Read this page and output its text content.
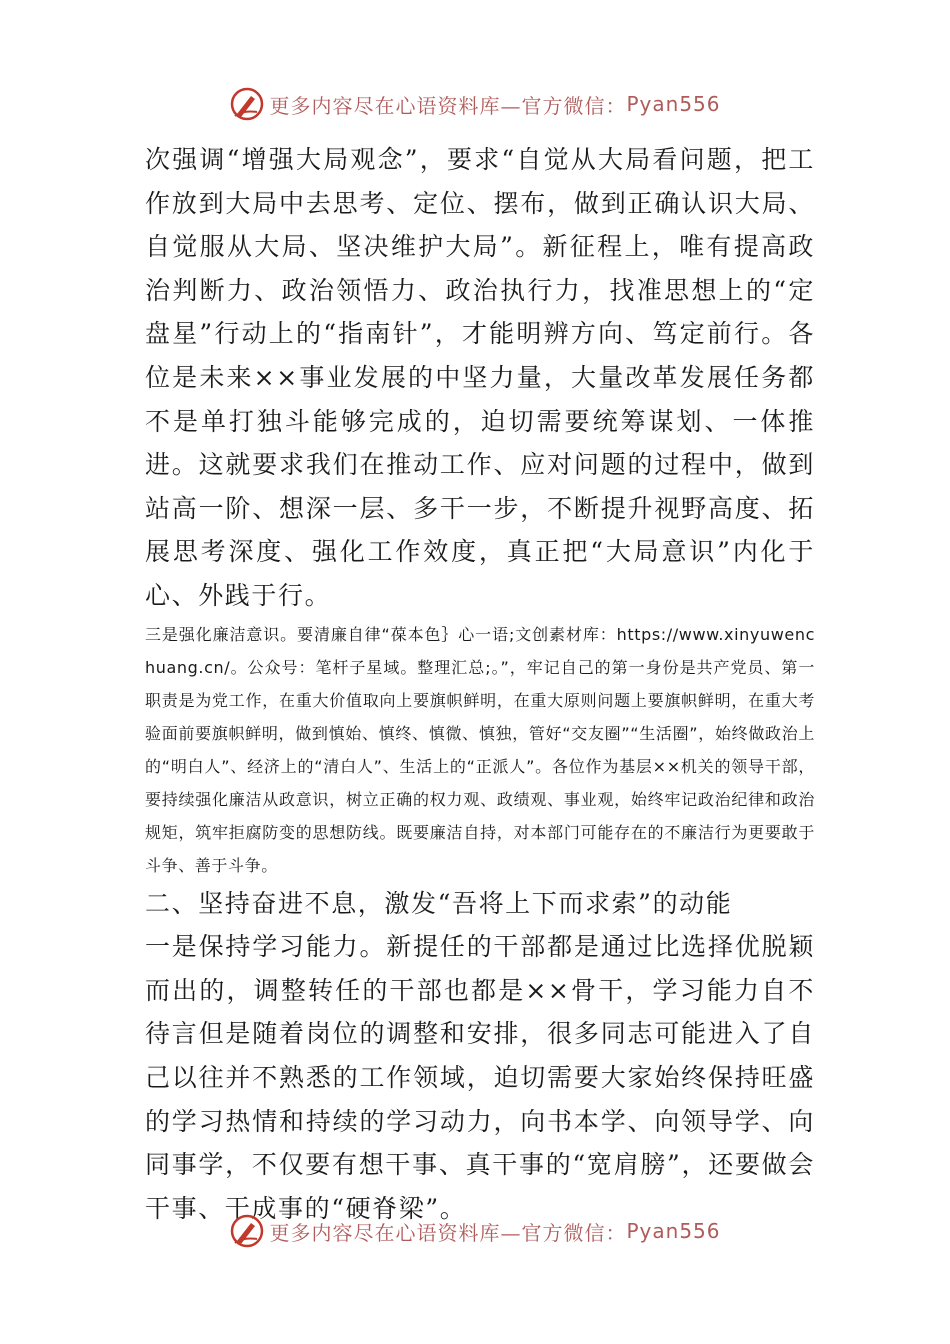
更多内容尽在心语资料库—官方微信： Pyan556

次强调“增强大局观念”，要求“自觉从大局看问题，把工作放到大局中去思考、定位、摆布，做到正确认识大局、自觉服从大局、坚决维护大局”。新征程上，唯有提高政治判断力、政治领悟力、政治执行力，找准思想上的“定盘星”行动上的“指南针”，才能明辨方向、笃定前行。各位是未来××事业发展的中坚力量，大量改革发展任务都不是单打独斗能够完成的，迫切需要统筹谋划、一体推进。这就要求我们在推动工作、应对问题的过程中，做到站高一阶、想深一层、多干一步，不断提升视野高度、拓展思考深度、强化工作效度，真正把“大局意识”内化于心、外践于行。

三是强化廉洁意识。要清廉自律“葆本色｝心一语;文创素材库：https://www.xinyuwenchuang.cn/。公众号：笔杆子星域。整理汇总;。”，牢记自己的第一身份是共产党员、第一职责是为党工作，在重大价值取向上要旗帜鲜明，在重大原则问题上要旗帜鲜明，在重大考验面前要旗帜鲜明，做到慎始、慎终、慎微、慎独，管好“交友圈”“生活圈”，始终做政治上的“明白人”、经济上的“清白人”、生活上的“正派人”。各位作为基层××机关的领导干部，要持续强化廉洁从政意识，树立正确的权力观、政绩观、事业观，始终牢记政治纪律和政治规矩，筑牢拒腐防变的思想防线。既要廉洁自持，对本部门可能存在的不廉洁行为更要敢于斗争、善于斗争。

二、坚持奋进不息，激发“吾将上下而求索”的动能

一是保持学习能力。新提任的干部都是通过比选择优脱颖而出的，调整转任的干部也都是××骨干，学习能力自不待言但是随着岗位的调整和安排，很多同志可能进入了自己以往并不熟悉的工作领域，迫切需要大家始终保持旺盛的学习热情和持续的学习动力，向书本学、向领导学、向同事学，不仅要有想干事、真干事的“宽肩膀”，还要做会干事、干成事的“硬脊梁”。

更多内容尽在心语资料库—官方微信： Pyan556
